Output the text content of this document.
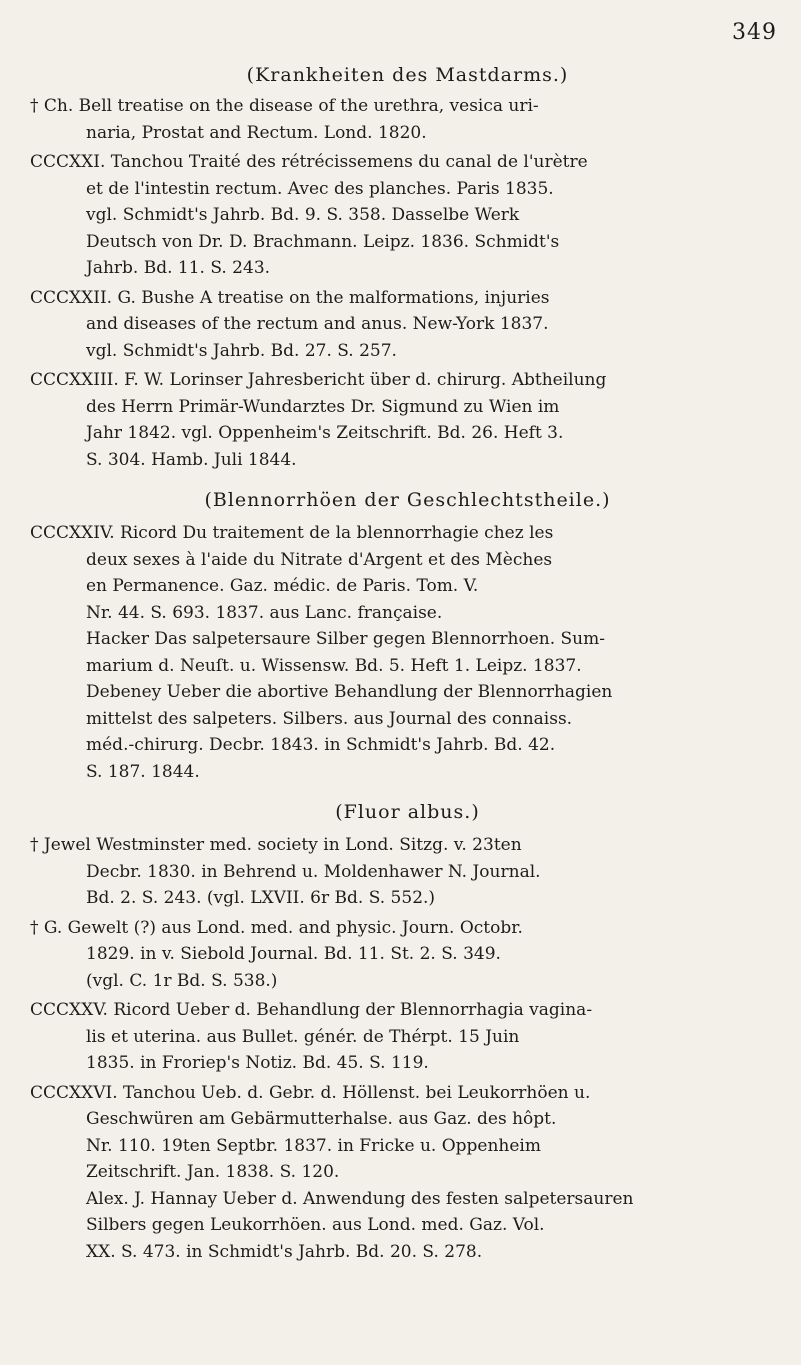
349
(Krankheiten des Mastdarms.)
† Ch. Bell treatise on the disease of the urethra, vesica uri-
naria, Prostat and Rectum. Lond. 1820.
CCCXXI. Tanchou Traité des rétrécissemens du canal de l'urètre
et de l'intestin rectum. Avec des planches. Paris 1835.
vgl. Schmidt's Jahrb. Bd. 9. S. 358. Dasselbe Werk
Deutsch von Dr. D. Brachmann. Leipz. 1836. Schmidt's
Jahrb. Bd. 11. S. 243.
CCCXXII. G. Bushe A treatise on the malformations, injuries
and diseases of the rectum and anus. New-York 1837.
vgl. Schmidt's Jahrb. Bd. 27. S. 257.
CCCXXIII. F. W. Lorinser Jahresbericht über d. chirurg. Abtheilung
des Herrn Primär-Wundarztes Dr. Sigmund zu Wien im
Jahr 1842. vgl. Oppenheim's Zeitschrift. Bd. 26. Heft 3.
S. 304. Hamb. Juli 1844.
(Blennorrhöen der Geschlechtstheile.)
CCCXXIV. Ricord Du traitement de la blennorrhagie chez les
deux sexes à l'aide du Nitrate d'Argent et des Mèches
en Permanence. Gaz. médic. de Paris. Tom. V.
Nr. 44. S. 693. 1837. aus Lanc. française.
Hacker Das salpetersaure Silber gegen Blennorrhoen. Sum-
marium d. Neuſt. u. Wissensw. Bd. 5. Heft 1. Leipz. 1837.
Debeney Ueber die abortive Behandlung der Blennorrhagien
mittelst des salpeters. Silbers. aus Journal des connaiss.
méd.-chirurg. Decbr. 1843. in Schmidt's Jahrb. Bd. 42.
S. 187. 1844.
(Fluor albus.)
† Jewel Westminster med. society in Lond. Sitzg. v. 23ten
Decbr. 1830. in Behrend u. Moldenhawer N. Journal.
Bd. 2. S. 243. (vgl. LXVII. 6r Bd. S. 552.)
† G. Gewelt (?) aus Lond. med. and physic. Journ. Octobr.
1829. in v. Siebold Journal. Bd. 11. St. 2. S. 349.
(vgl. C. 1r Bd. S. 538.)
CCCXXV. Ricord Ueber d. Behandlung der Blennorrhagia vagina-
lis et uterina. aus Bullet. génér. de Thérpt. 15 Juin
1835. in Froriep's Notiz. Bd. 45. S. 119.
CCCXXVI. Tanchou Ueb. d. Gebr. d. Höllenst. bei Leukorrhöen u.
Geschwüren am Gebärmutterhalse. aus Gaz. des hôpt.
Nr. 110. 19ten Septbr. 1837. in Fricke u. Oppenheim
Zeitschrift. Jan. 1838. S. 120.
Alex. J. Hannay Ueber d. Anwendung des festen salpetersauren
Silbers gegen Leukorrhöen. aus Lond. med. Gaz. Vol.
XX. S. 473. in Schmidt's Jahrb. Bd. 20. S. 278.
